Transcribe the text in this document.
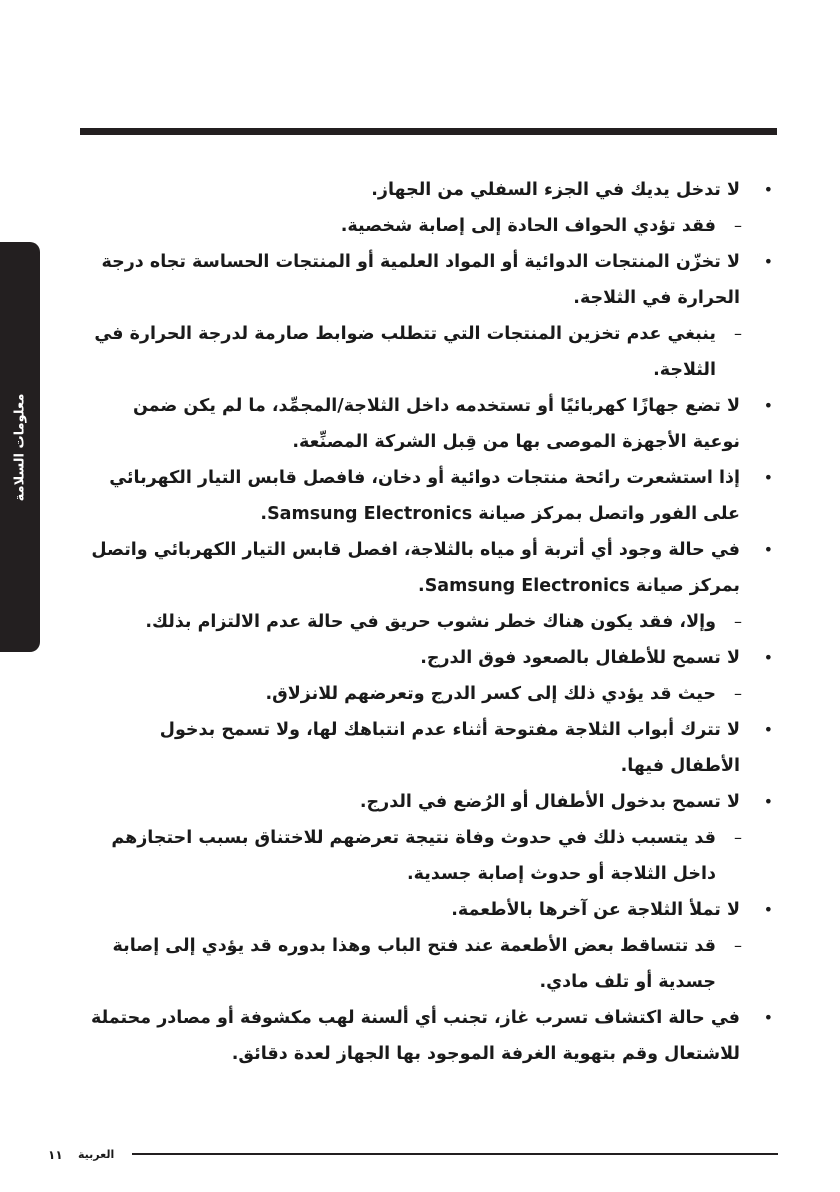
معلومات السلامة

•
لا تدخل يديك في الجزء السفلي من الجهاز.

–
فقد تؤدي الحواف الحادة إلى إصابة شخصية.

•
لا تخزّن المنتجات الدوائية أو المواد العلمية أو المنتجات الحساسة تجاه درجة الحرارة في الثلاجة.

–
ينبغي عدم تخزين المنتجات التي تتطلب ضوابط صارمة لدرجة الحرارة في الثلاجة.

•
لا تضع جهازًا كهربائيًا أو تستخدمه داخل الثلاجة/المجمِّد، ما لم يكن ضمن نوعية الأجهزة الموصى بها من قِبل الشركة المصنِّعة.

•
إذا استشعرت رائحة منتجات دوائية أو دخان، فافصل قابس التيار الكهربائي على الفور واتصل بمركز صيانة Samsung Electronics.

•
في حالة وجود أي أتربة أو مياه بالثلاجة، افصل قابس التيار الكهربائي واتصل بمركز صيانة Samsung Electronics.

–
وإلا، فقد يكون هناك خطر نشوب حريق في حالة عدم الالتزام بذلك.

•
لا تسمح للأطفال بالصعود فوق الدرج.

–
حيث قد يؤدي ذلك إلى كسر الدرج وتعرضهم للانزلاق.

•
لا تترك أبواب الثلاجة مفتوحة أثناء عدم انتباهك لها، ولا تسمح بدخول الأطفال فيها.

•
لا تسمح بدخول الأطفال أو الرُضع في الدرج.

–
قد يتسبب ذلك في حدوث وفاة نتيجة تعرضهم للاختناق بسبب احتجازهم داخل الثلاجة أو حدوث إصابة جسدية.

•
لا تملأ الثلاجة عن آخرها بالأطعمة.

–
قد تتساقط بعض الأطعمة عند فتح الباب وهذا بدوره قد يؤدي إلى إصابة جسدية أو تلف مادي.

•
في حالة اكتشاف تسرب غاز، تجنب أي ألسنة لهب مكشوفة أو مصادر محتملة للاشتعال وقم بتهوية الغرفة الموجود بها الجهاز لعدة دقائق.

١١ العربية
